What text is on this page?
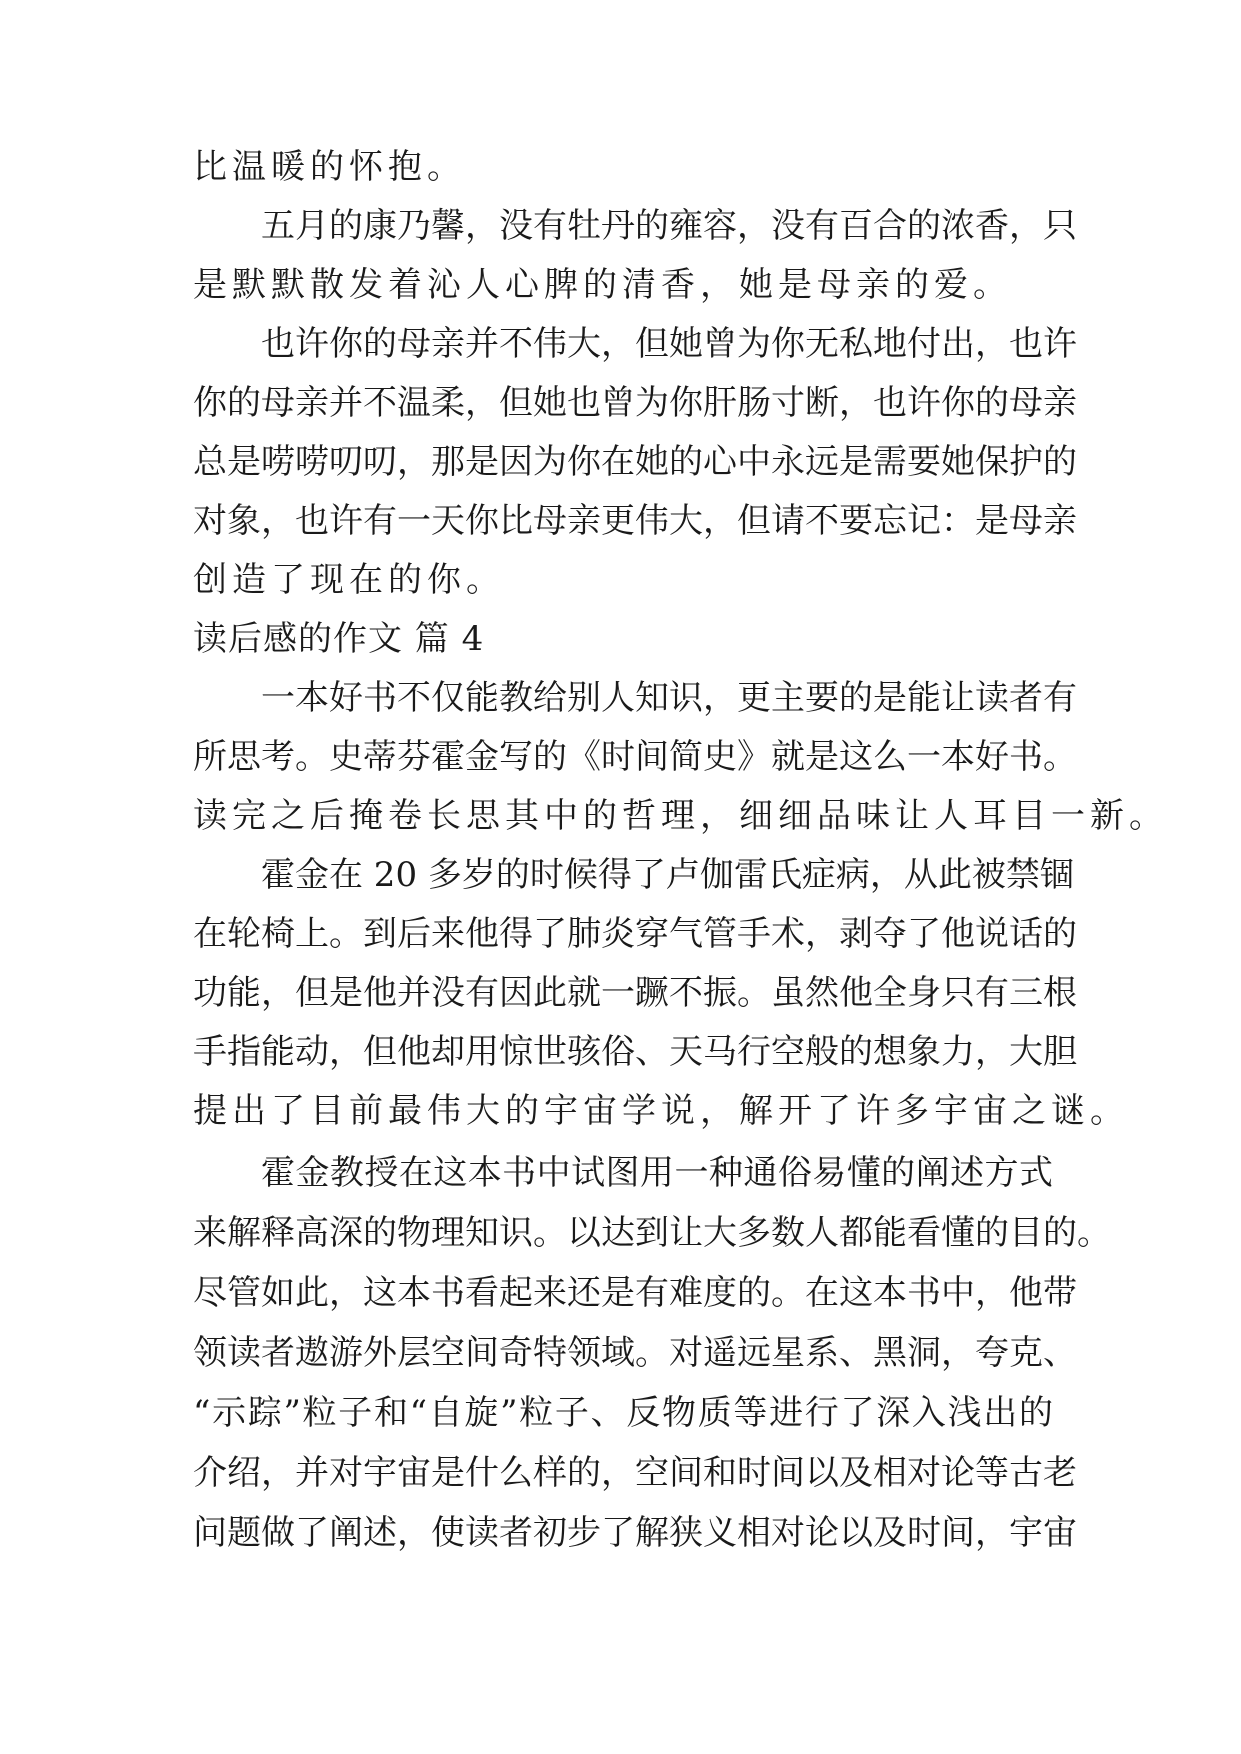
比温暖的怀抱。

五月的康乃馨，没有牡丹的雍容，没有百合的浓香，只

是默默散发着沁人心脾的清香，她是母亲的爱。

也许你的母亲并不伟大，但她曾为你无私地付出，也许

你的母亲并不温柔，但她也曾为你肝肠寸断，也许你的母亲

总是唠唠叨叨，那是因为你在她的心中永远是需要她保护的

对象，也许有一天你比母亲更伟大，但请不要忘记：是母亲

创造了现在的你。

读后感的作文 篇 4

一本好书不仅能教给别人知识，更主要的是能让读者有

所思考。史蒂芬霍金写的《时间简史》就是这么一本好书。

读完之后掩卷长思其中的哲理，细细品味让人耳目一新。

霍金在 20 多岁的时候得了卢伽雷氏症病，从此被禁锢

在轮椅上。到后来他得了肺炎穿气管手术，剥夺了他说话的

功能，但是他并没有因此就一蹶不振。虽然他全身只有三根

手指能动，但他却用惊世骇俗、天马行空般的想象力，大胆

提出了目前最伟大的宇宙学说，解开了许多宇宙之谜。

霍金教授在这本书中试图用一种通俗易懂的阐述方式

来解释高深的物理知识。以达到让大多数人都能看懂的目的。

尽管如此，这本书看起来还是有难度的。在这本书中，他带

领读者遨游外层空间奇特领域。对遥远星系、黑洞，夸克、

“示踪”粒子和“自旋”粒子、反物质等进行了深入浅出的

介绍，并对宇宙是什么样的，空间和时间以及相对论等古老

问题做了阐述，使读者初步了解狭义相对论以及时间，宇宙
